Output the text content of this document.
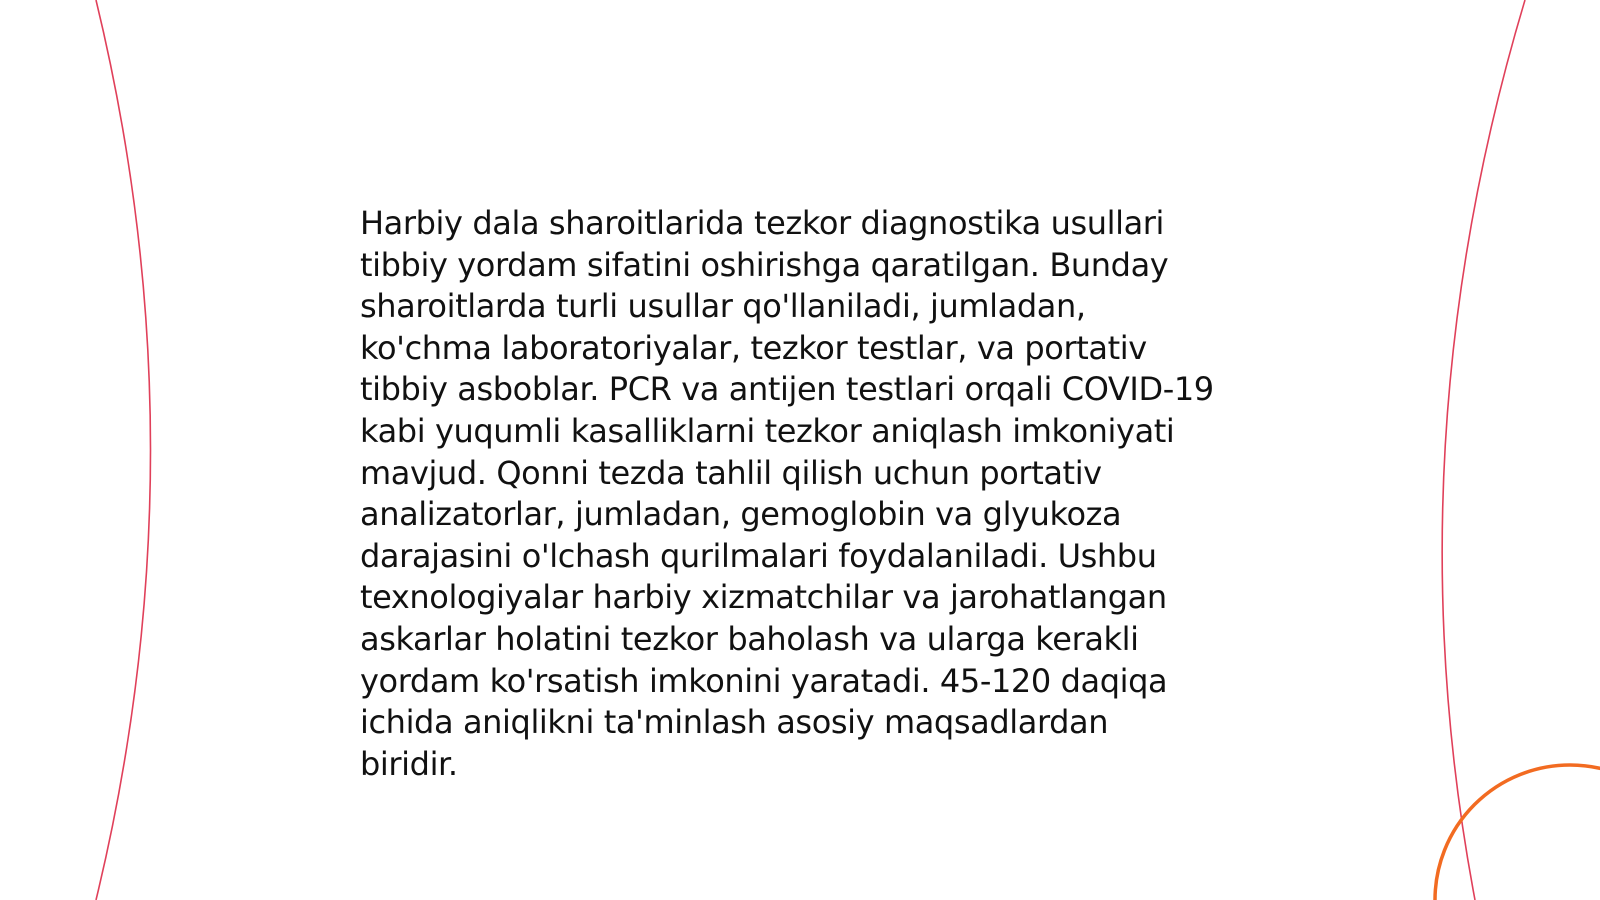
Harbiy dala sharoitlarida tezkor diagnostika usullari
tibbiy yordam sifatini oshirishga qaratilgan. Bunday
sharoitlarda turli usullar qo'llaniladi, jumladan,
ko'chma laboratoriyalar, tezkor testlar, va portativ
tibbiy asboblar. PCR va antijen testlari orqali COVID-19
kabi yuqumli kasalliklarni tezkor aniqlash imkoniyati
mavjud. Qonni tezda tahlil qilish uchun portativ
analizatorlar, jumladan, gemoglobin va glyukoza
darajasini o'lchash qurilmalari foydalaniladi. Ushbu
texnologiyalar harbiy xizmatchilar va jarohatlangan
askarlar holatini tezkor baholash va ularga kerakli
yordam ko'rsatish imkonini yaratadi. 45-120 daqiqa
ichida aniqlikni ta'minlash asosiy maqsadlardan
biridir.
